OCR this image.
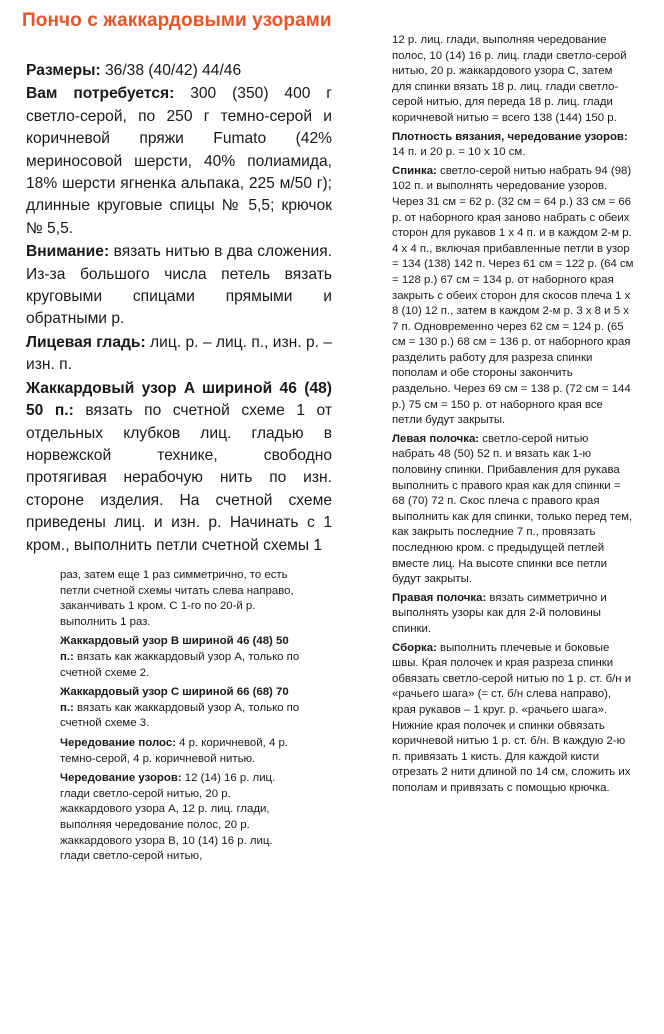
Пончо с жаккардовыми узорами

Размеры: 36/38 (40/42) 44/46

Вам потребуется: 300 (350) 400 г светло-серой, по 250 г темно-серой и коричневой пряжи Fumato (42% мериносовой шерсти, 40% полиамида, 18% шерсти ягненка альпака, 225 м/50 г); длинные круговые спицы № 5,5; крючок № 5,5.

Внимание: вязать нитью в два сложения. Из-за большого числа петель вязать круговыми спицами прямыми и обратными р.

Лицевая гладь: лиц. р. – лиц. п., изн. р. – изн. п.

Жаккардовый узор A шириной 46 (48) 50 п.: вязать по счетной схеме 1 от отдельных клубков лиц. гладью в норвежской технике, свободно протягивая нерабочую нить по изн. стороне изделия. На счетной схеме приведены лиц. и изн. р. Начинать с 1 кром., выполнить петли счетной схемы 1

раз, затем еще 1 раз симметрично, то есть петли счетной схемы читать слева направо, заканчивать 1 кром. С 1-го по 20-й р. выполнить 1 раз.

Жаккардовый узор B шириной 46 (48) 50 п.: вязать как жаккардовый узор A, только по счетной схеме 2.

Жаккардовый узор C шириной 66 (68) 70 п.: вязать как жаккардовый узор A, только по счетной схеме 3.

Чередование полос: 4 р. коричневой, 4 р. темно-серой, 4 р. коричневой нитью.

Чередование узоров: 12 (14) 16 р. лиц. глади светло-серой нитью, 20 р. жаккардового узора A, 12 р. лиц. глади, выполняя чередование полос, 20 р. жаккардового узора B, 10 (14) 16 р. лиц. глади светло-серой нитью,

12 р. лиц. глади, выполняя чередование полос, 10 (14) 16 р. лиц. глади светло-серой нитью, 20 р. жаккардового узора C, затем для спинки вязать 18 р. лиц. глади светло-серой нитью, для переда 18 р. лиц. глади коричневой нитью = всего 138 (144) 150 р.

Плотность вязания, чередование узоров: 14 п. и 20 р. = 10 х 10 см.

Спинка: светло-серой нитью набрать 94 (98) 102 п. и выполнять чередование узоров. Через 31 см = 62 р. (32 см = 64 р.) 33 см = 66 р. от наборного края заново набрать с обеих сторон для рукавов 1 х 4 п. и в каждом 2-м р. 4 х 4 п., включая прибавленные петли в узор = 134 (138) 142 п. Через 61 см = 122 р. (64 см = 128 р.) 67 см = 134 р. от наборного края закрыть с обеих сторон для скосов плеча 1 х 8 (10) 12 п., затем в каждом 2-м р. 3 х 8 и 5 х 7 п. Одновременно через 62 см = 124 р. (65 см = 130 р.) 68 см = 136 р. от наборного края разделить работу для разреза спинки пополам и обе стороны закончить раздельно. Через 69 см = 138 р. (72 см = 144 р.) 75 см = 150 р. от наборного края все петли будут закрыты.

Левая полочка: светло-серой нитью набрать 48 (50) 52 п. и вязать как 1-ю половину спинки. Прибавления для рукава выполнить с правого края как для спинки = 68 (70) 72 п. Скос плеча с правого края выполнить как для спинки, только перед тем, как закрыть последние 7 п., провязать последнюю кром. с предыдущей петлей вместе лиц. На высоте спинки все петли будут закрыты.

Правая полочка: вязать симметрично и выполнять узоры как для 2-й половины спинки.

Сборка: выполнить плечевые и боковые швы. Края полочек и края разреза спинки обвязать светло-серой нитью по 1 р. ст. б/н и «рачьего шага» (= ст. б/н слева направо), края рукавов – 1 круг. р. «рачьего шага». Нижние края полочек и спинки обвязать коричневой нитью 1 р. ст. б/н. В каждую 2-ю п. привязать 1 кисть. Для каждой кисти отрезать 2 нити длиной по 14 см, сложить их пополам и привязать с помощью крючка.
